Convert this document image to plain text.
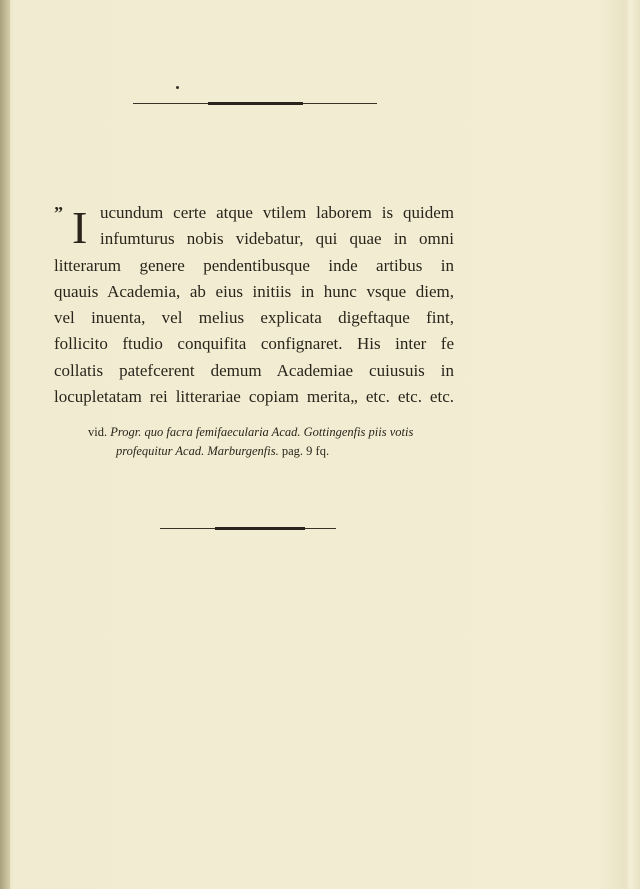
” I ucundum certe atque vtilem laborem is quidem
infumturus nobis videbatur, qui quae in omni
litterarum genere pendentibusque inde artibus in
quauis Academia, ab eius initiis in hunc vsque diem,
vel inuenta, vel melius explicata digeftaque fint,
follicito ftudio conquifita confignaret. His inter fe
collatis patefcerent demum Academiae cuiusuis in
locupletatam rei litterariae copiam merita„ etc. etc. etc.
vid. Progr. quo facra femifaecularia Acad. Gottingenfis piis votis
profequitur Acad. Marburgenfis. pag. 9 fq.
